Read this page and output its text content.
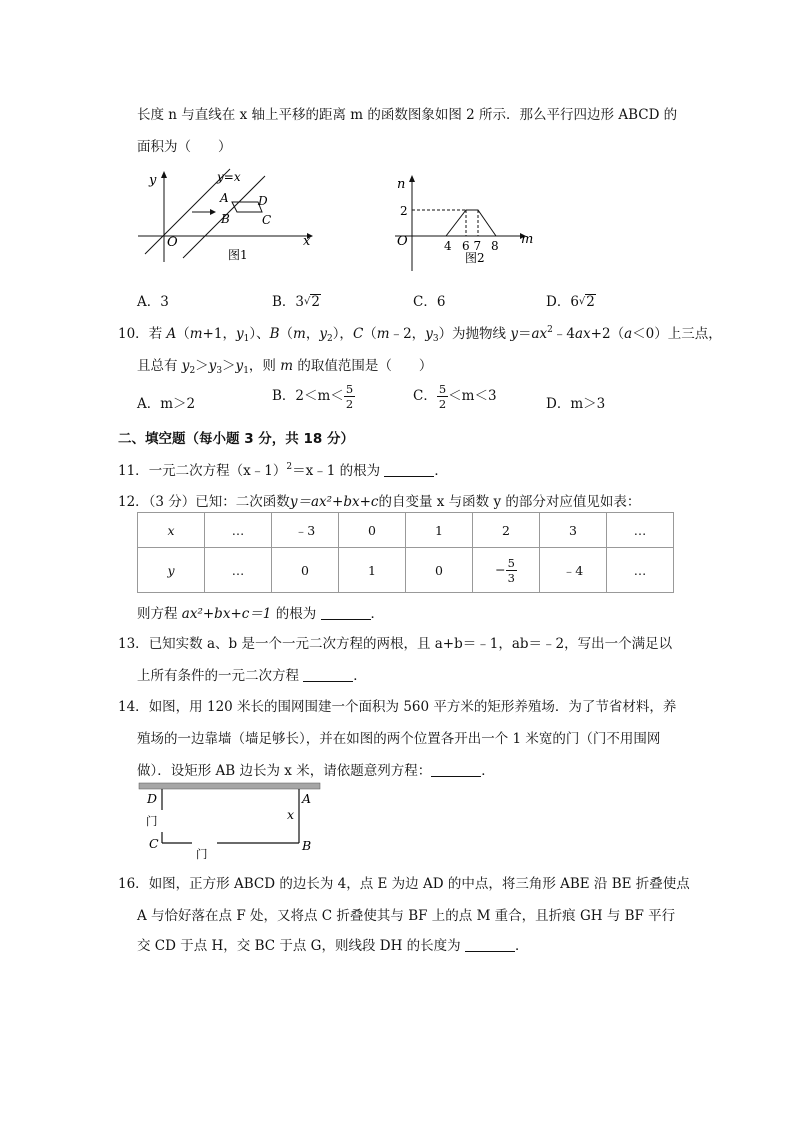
长度 n 与直线在 x 轴上平移的距离 m 的函数图象如图 2 所示．那么平行四边形 ABCD 的
面积为（　　）
y	y=x
x
O
A D
B	C
图1
n
m
O
2
4 6 7 8
图2
A．3	B．3√2	C．6	D．6√2
10．若 A（m+1，$y_1$）、B（m，$y_2$），C（m﹣2，$y_3$）为抛物线 $y=ax^2﹣4ax+2(a<0)$上三点，
且总有 $y_2>y_3>y_1$，则 m 的取值范围是（　　）
A．m＞2	B．$2<m< \frac{5}{2}$	C． $\frac{5}{2} <m<3$	D．m＞3
二、填空题（每小题 3 分，共 18 分）
11．一元二次方程（x﹣1）$^2$＝x﹣1 的根为	．
12．（3 分）已知：二次函数y＝ax²+bx+c的自变量 x 与函数 y 的部分对应值见如表：
x	…	﹣3	0	1	2	3	…
y	…	0	1	0	− $\frac{5}{3}$	﹣4	…
则方程 ax²+bx+c＝1 的根为	．
13．已知实数 a、b 是一个一元二次方程的两根，且 a+b＝﹣1，ab＝﹣2，写出一个满足以
上所有条件的一元二次方程	．
14．如图，用 120 米长的围网围建一个面积为 560 平方米的矩形养殖场．为了节省材料，养
殖场的一边靠墙（墙足够长），并在如图的两个位置各开出一个 1 米宽的门（门不用围网
做）．设矩形 AB 边长为 x 米，请依题意列方程：	．
D	A
C	B
x
门
门
16．如图，正方形 ABCD 的边长为 4，点 E 为边 AD 的中点，将三角形 ABE 沿 BE 折叠使点
A 与恰好落在点 F 处，又将点 C 折叠使其与 BF 上的点 M 重合，且折痕 GH 与 BF 平行
交 CD 于点 H，交 BC 于点 G，则线段 DH 的长度为	．
